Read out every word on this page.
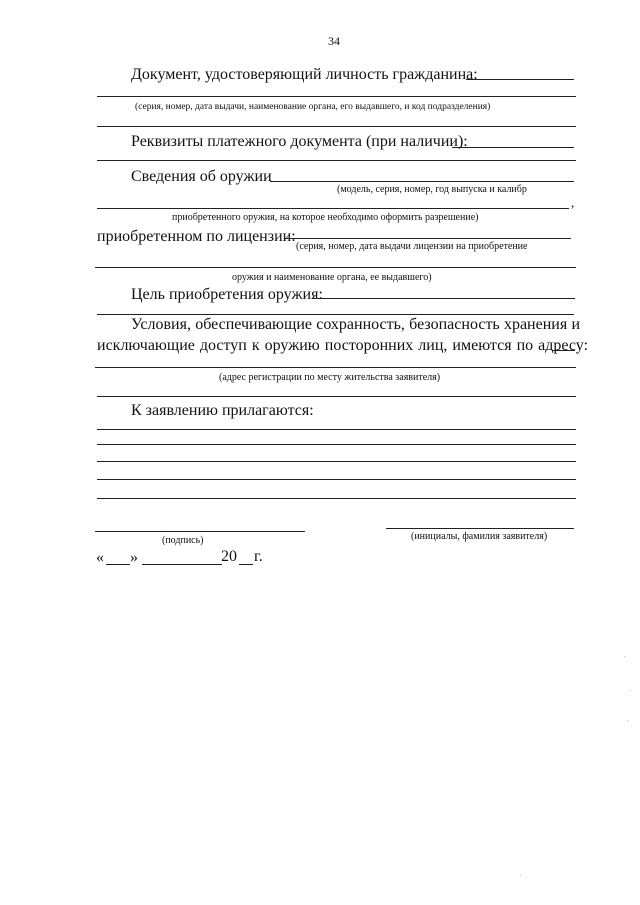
34
Документ, удостоверяющий личность гражданина:
(серия, номер, дата выдачи, наименование органа, его выдавшего, и код подразделения)
Реквизиты платежного документа (при наличии):
Сведения об оружии
(модель, серия, номер, год выпуска и калибр
,
приобретенного оружия, на которое необходимо оформить разрешение)
приобретенном по лицензии:
(серия, номер, дата выдачи лицензии на приобретение
оружия и наименование органа, ее выдавшего)
Цель приобретения оружия:
Условия, обеспечивающие сохранность, безопасность хранения и
исключающие доступ к оружию посторонних лиц, имеются по адресу:
(адрес регистрации по месту жительства заявителя)
К заявлению прилагаются:
(подпись)	(инициалы, фамилия заявителя)
« »	20 г.
